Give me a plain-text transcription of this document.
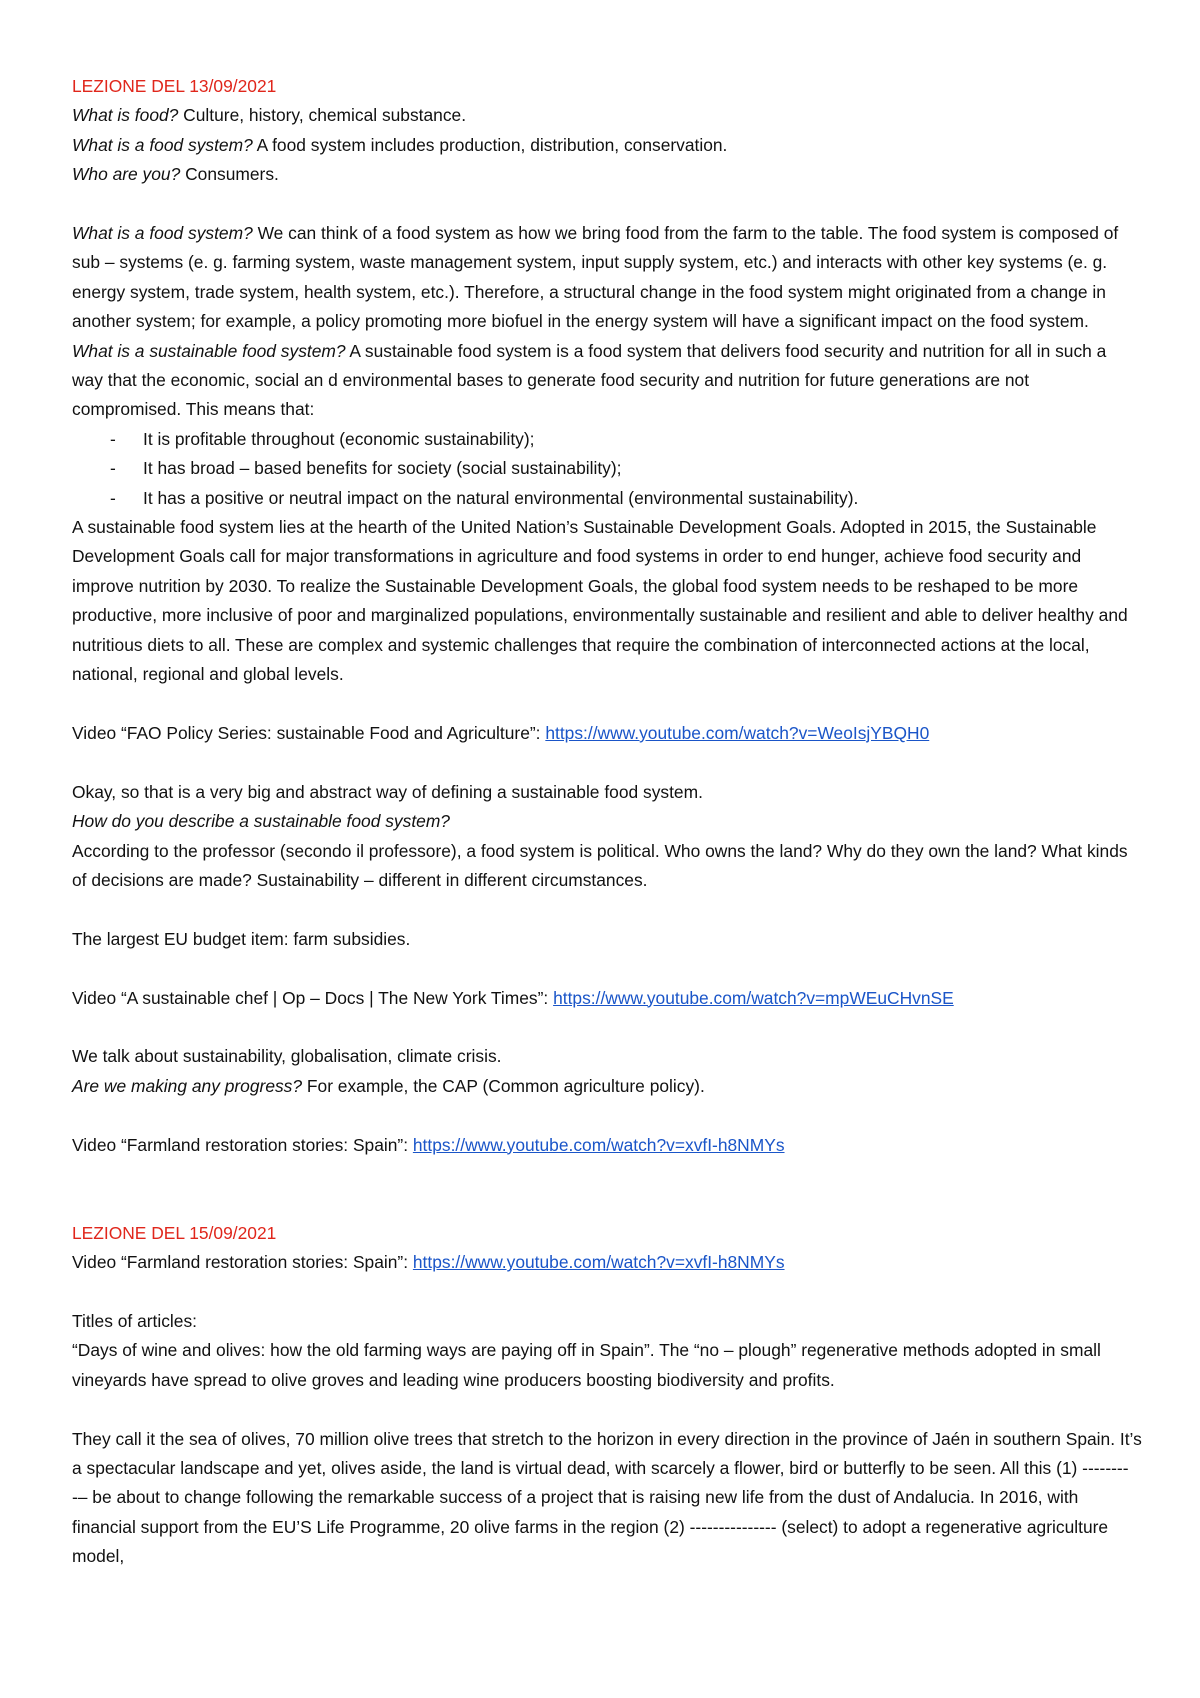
LEZIONE DEL 13/09/2021

What is food? Culture, history, chemical substance.

What is a food system? A food system includes production, distribution, conservation.

Who are you? Consumers.

What is a food system? We can think of a food system as how we bring food from the farm to the table. The food system is composed of sub – systems (e. g. farming system, waste management system, input supply system, etc.) and interacts with other key systems (e. g. energy system, trade system, health system, etc.). Therefore, a structural change in the food system might originated from a change in another system; for example, a policy promoting more biofuel in the energy system will have a significant impact on the food system.

What is a sustainable food system? A sustainable food system is a food system that delivers food security and nutrition for all in such a way that the economic, social an d environmental bases to generate food security and nutrition for future generations are not compromised. This means that:

- It is profitable throughout (economic sustainability);
- It has broad – based benefits for society (social sustainability);
- It has a positive or neutral impact on the natural environmental (environmental sustainability).

A sustainable food system lies at the hearth of the United Nation’s Sustainable Development Goals. Adopted in 2015, the Sustainable Development Goals call for major transformations in agriculture and food systems in order to end hunger, achieve food security and improve nutrition by 2030. To realize the Sustainable Development Goals, the global food system needs to be reshaped to be more productive, more inclusive of poor and marginalized populations, environmentally sustainable and resilient and able to deliver healthy and nutritious diets to all. These are complex and systemic challenges that require the combination of interconnected actions at the local, national, regional and global levels.

Video “FAO Policy Series: sustainable Food and Agriculture”: https://www.youtube.com/watch?v=WeoIsjYBQH0

Okay, so that is a very big and abstract way of defining a sustainable food system.

How do you describe a sustainable food system?

According to the professor (secondo il professore), a food system is political. Who owns the land? Why do they own the land? What kinds of decisions are made? Sustainability – different in different circumstances.

The largest EU budget item: farm subsidies.

Video “A sustainable chef | Op – Docs | The New York Times”: https://www.youtube.com/watch?v=mpWEuCHvnSE

We talk about sustainability, globalisation, climate crisis.

Are we making any progress? For example, the CAP (Common agriculture policy).

Video “Farmland restoration stories: Spain”: https://www.youtube.com/watch?v=xvfI-h8NMYs

LEZIONE DEL 15/09/2021

Video “Farmland restoration stories: Spain”: https://www.youtube.com/watch?v=xvfI-h8NMYs

Titles of articles:

“Days of wine and olives: how the old farming ways are paying off in Spain”. The “no – plough” regenerative methods adopted in small vineyards have spread to olive groves and leading wine producers boosting biodiversity and profits.

They call it the sea of olives, 70 million olive trees that stretch to the horizon in every direction in the province of Jaén in southern Spain. It’s a spectacular landscape and yet, olives aside, the land is virtual dead, with scarcely a flower, bird or butterfly to be seen. All this (1) ---------– be about to change following the remarkable success of a project that is raising new life from the dust of Andalucia. In 2016, with financial support from the EU’S Life Programme, 20 olive farms in the region (2) --------------- (select) to adopt a regenerative agriculture model,
